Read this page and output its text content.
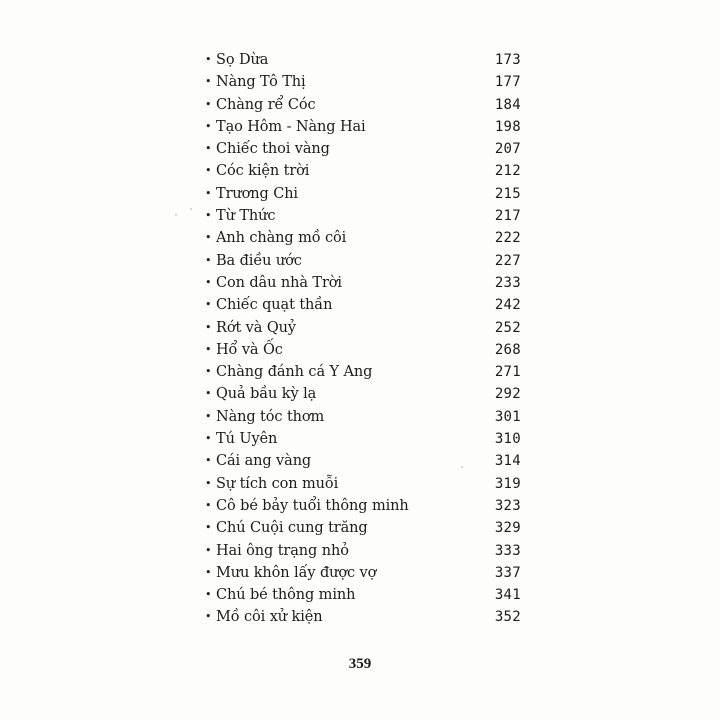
• Sọ Dừa	173
• Nàng Tô Thị	177
• Chàng rể Cóc	184
• Tạo Hôm - Nàng Hai	198
• Chiếc thoi vàng	207
• Cóc kiện trời	212
• Trương Chi	215
• Từ Thức	217
• Anh chàng mồ côi	222
• Ba điều ước	227
• Con dâu nhà Trời	233
• Chiếc quạt thần	242
• Rớt và Quỷ	252
• Hổ và Ốc	268
• Chàng đánh cá Y Ang	271
• Quả bầu kỳ lạ	292
• Nàng tóc thơm	301
• Tú Uyên	310
• Cái ang vàng	314
• Sự tích con muỗi	319
• Cô bé bảy tuổi thông minh	323
• Chú Cuội cung trăng	329
• Hai ông trạng nhỏ	333
• Mưu khôn lấy được vợ	337
• Chú bé thông minh	341
• Mồ côi xử kiện	352
359
